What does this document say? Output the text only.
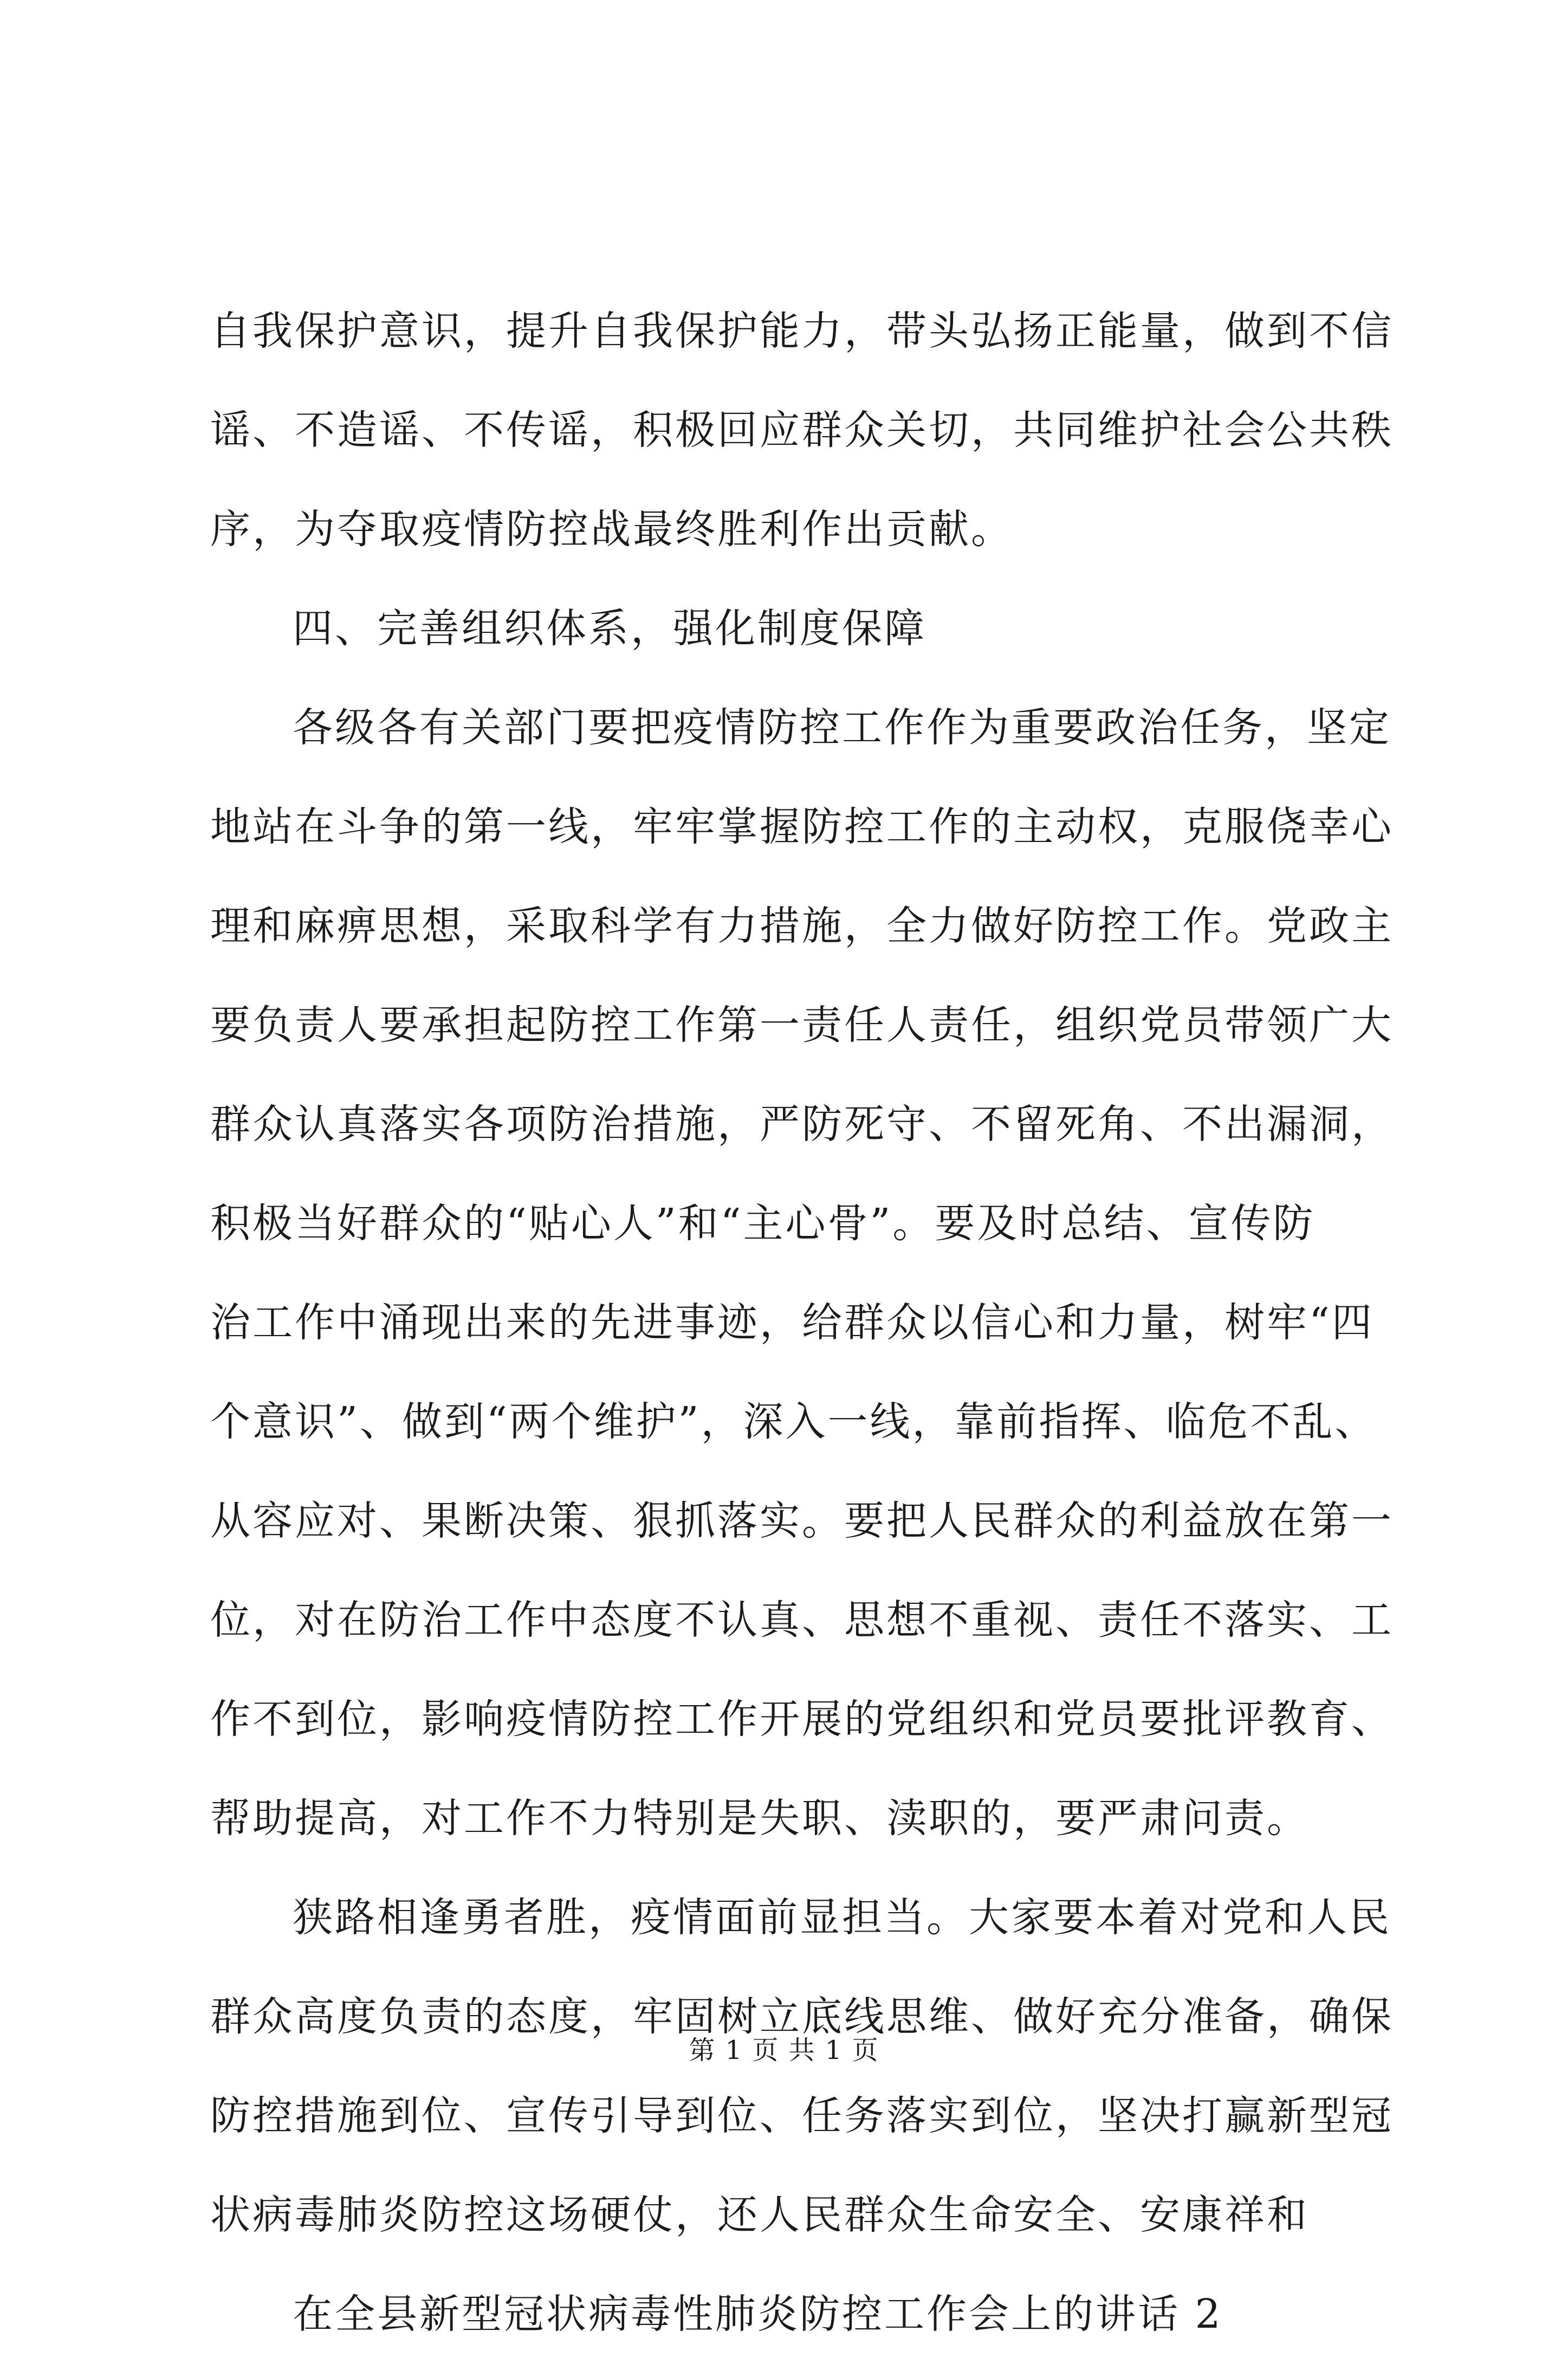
自我保护意识，提升自我保护能力，带头弘扬正能量，做到不信
谣、不造谣、不传谣，积极回应群众关切，共同维护社会公共秩
序，为夺取疫情防控战最终胜利作出贡献。
四、完善组织体系，强化制度保障
各级各有关部门要把疫情防控工作作为重要政治任务，坚定
地站在斗争的第一线，牢牢掌握防控工作的主动权，克服侥幸心
理和麻痹思想，采取科学有力措施，全力做好防控工作。党政主
要负责人要承担起防控工作第一责任人责任，组织党员带领广大
群众认真落实各项防治措施，严防死守、不留死角、不出漏洞，
积极当好群众的“贴心人”和“主心骨”。要及时总结、宣传防
治工作中涌现出来的先进事迹，给群众以信心和力量，树牢“四
个意识”、做到“两个维护”，深入一线，靠前指挥、临危不乱、
从容应对、果断决策、狠抓落实。要把人民群众的利益放在第一
位，对在防治工作中态度不认真、思想不重视、责任不落实、工
作不到位，影响疫情防控工作开展的党组织和党员要批评教育、
帮助提高，对工作不力特别是失职、渎职的，要严肃问责。
狭路相逢勇者胜，疫情面前显担当。大家要本着对党和人民
群众高度负责的态度，牢固树立底线思维、做好充分准备，确保
防控措施到位、宣传引导到位、任务落实到位，坚决打赢新型冠
状病毒肺炎防控这场硬仗，还人民群众生命安全、安康祥和
在全县新型冠状病毒性肺炎防控工作会上的讲话 2
第 1 页 共 1 页
